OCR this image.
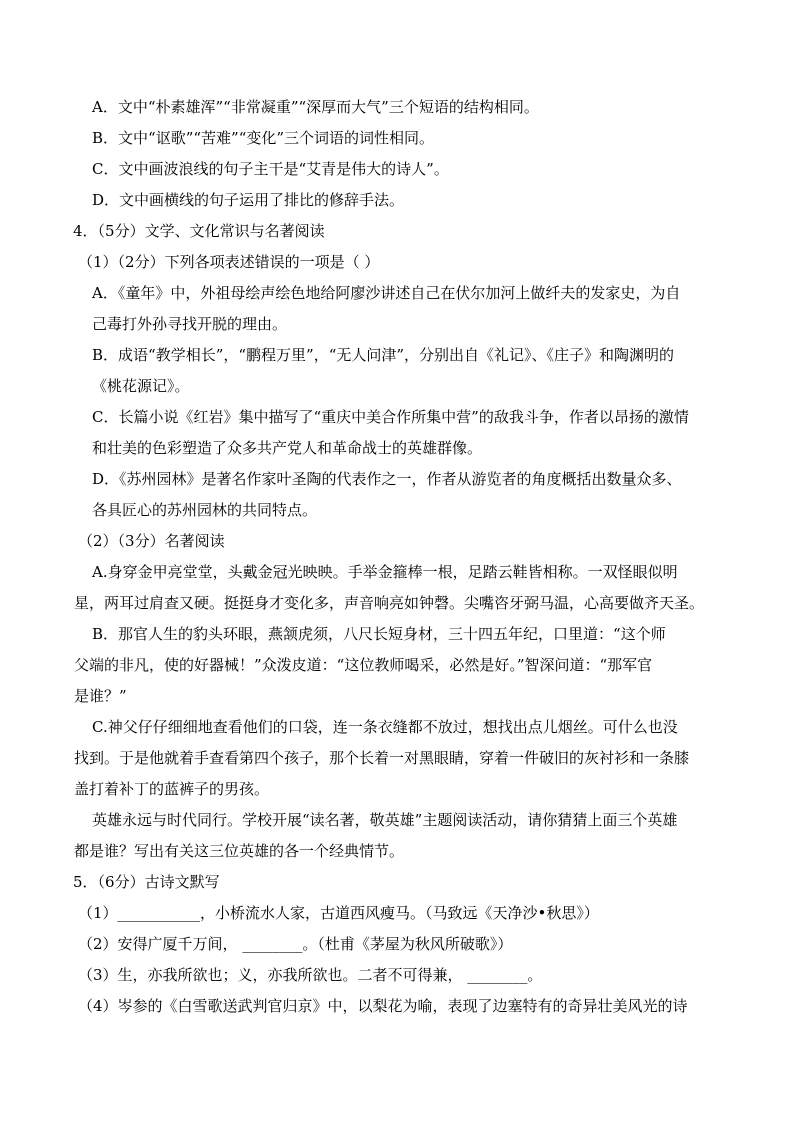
A．文中“朴素雄浑”“非常凝重”“深厚而大气”三个短语的结构相同。
B．文中“讴歌”“苦难”“变化”三个词语的词性相同。
C．文中画波浪线的句子主干是“艾青是伟大的诗人”。
D．文中画横线的句子运用了排比的修辞手法。
4．（5分）文学、文化常识与名著阅读
（1）（2分）下列各项表述错误的一项是（ ）
A．《童年》中，外祖母绘声绘色地给阿廖沙讲述自己在伏尔加河上做纤夫的发家史，为自
己毒打外孙寻找开脱的理由。
B．成语“教学相长”，“鹏程万里”，“无人问津”，分别出自《礼记》、《庄子》和陶渊明的
《桃花源记》。
C．长篇小说《红岩》集中描写了“重庆中美合作所集中营”的敌我斗争，作者以昂扬的激情
和壮美的色彩塑造了众多共产党人和革命战士的英雄群像。
D．《苏州园林》是著名作家叶圣陶的代表作之一，作者从游览者的角度概括出数量众多、
各具匠心的苏州园林的共同特点。
（2）（3分）名著阅读
A.身穿金甲亮堂堂，头戴金冠光映映。手举金箍棒一根，足踏云鞋皆相称。一双怪眼似明
星，两耳过肩查又硬。挺挺身才变化多，声音响亮如钟磬。尖嘴咨牙弼马温，心高要做齐天圣。
B．那官人生的豹头环眼，燕颔虎须，八尺长短身材，三十四五年纪，口里道：“这个师
父端的非凡，使的好器械！”众泼皮道：“这位教师喝采，必然是好。”智深问道：“那军官
是谁？”
C.神父仔仔细细地查看他们的口袋，连一条衣缝都不放过，想找出点儿烟丝。可什么也没
找到。于是他就着手查看第四个孩子，那个长着一对黑眼睛，穿着一件破旧的灰衬衫和一条膝
盖打着补丁的蓝裤子的男孩。
英雄永远与时代同行。学校开展“读名著，敬英雄”主题阅读活动，请你猜猜上面三个英雄
都是谁？写出有关这三位英雄的各一个经典情节。
5．（6分）古诗文默写
（1）___________，小桥流水人家，古道西风瘦马。（马致远《天净沙•秋思》）
（2）安得广厦千万间， ________。（杜甫《茅屋为秋风所破歌》）
（3）生，亦我所欲也；义，亦我所欲也。二者不可得兼， ________。
（4）岑参的《白雪歌送武判官归京》中，以梨花为喻，表现了边塞特有的奇异壮美风光的诗
